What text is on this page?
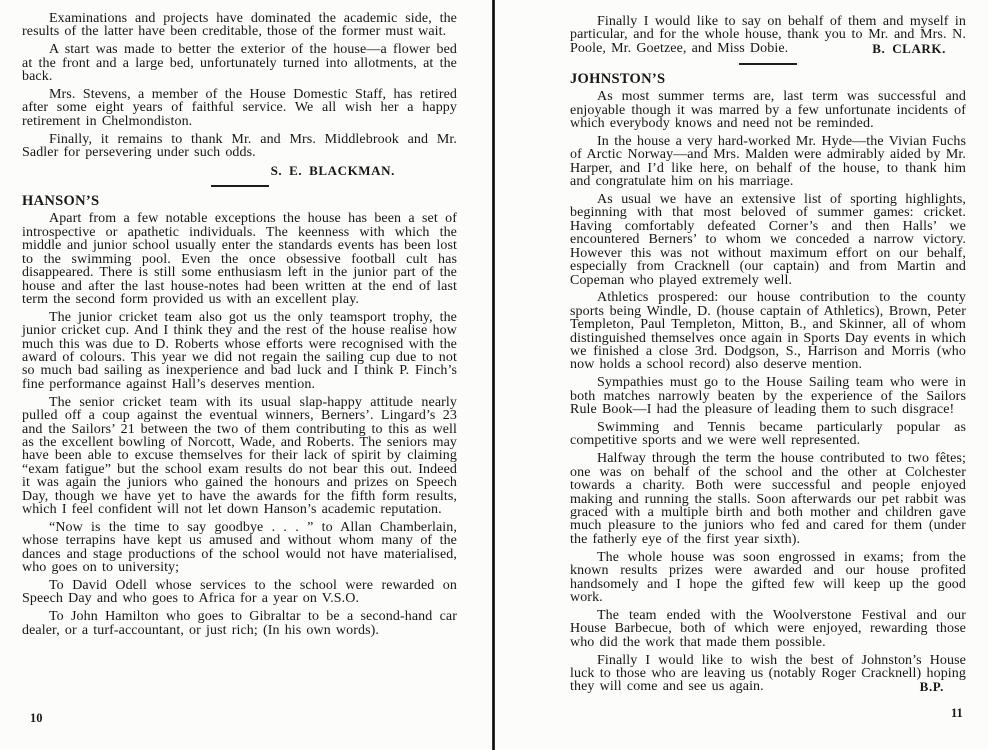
Examinations and projects have dominated the academic side, the results of the latter have been creditable, those of the former must wait.

A start was made to better the exterior of the house—a flower bed at the front and a large bed, unfortunately turned into allotments, at the back.

Mrs. Stevens, a member of the House Domestic Staff, has retired after some eight years of faithful service. We all wish her a happy retirement in Chelmondiston.

Finally, it remains to thank Mr. and Mrs. Middlebrook and Mr. Sadler for persevering under such odds.

S. E. BLACKMAN.

HANSON’S

Apart from a few notable exceptions the house has been a set of introspective or apathetic individuals. The keenness with which the middle and junior school usually enter the standards events has been lost to the swimming pool. Even the once obsessive football cult has disappeared. There is still some enthusiasm left in the junior part of the house and after the last house-notes had been written at the end of last term the second form provided us with an excellent play.

The junior cricket team also got us the only teamsport trophy, the junior cricket cup. And I think they and the rest of the house realise how much this was due to D. Roberts whose efforts were recognised with the award of colours. This year we did not regain the sailing cup due to not so much bad sailing as inexperience and bad luck and I think P. Finch’s fine performance against Hall’s deserves mention.

The senior cricket team with its usual slap-happy attitude nearly pulled off a coup against the eventual winners, Berners’. Lingard’s 23 and the Sailors’ 21 between the two of them contributing to this as well as the excellent bowling of Norcott, Wade, and Roberts. The seniors may have been able to excuse themselves for their lack of spirit by claiming “exam fatigue” but the school exam results do not bear this out. Indeed it was again the juniors who gained the honours and prizes on Speech Day, though we have yet to have the awards for the fifth form results, which I feel confident will not let down Hanson’s academic reputation.

“Now is the time to say goodbye . . . ” to Allan Chamberlain, whose terrapins have kept us amused and without whom many of the dances and stage productions of the school would not have materialised, who goes on to university;

To David Odell whose services to the school were rewarded on Speech Day and who goes to Africa for a year on V.S.O.

To John Hamilton who goes to Gibraltar to be a second-hand car dealer, or a turf-accountant, or just rich; (In his own words).

Finally I would like to say on behalf of them and myself in particular, and for the whole house, thank you to Mr. and Mrs. N. Poole, Mr. Goetzee, and Miss Dobie.	B. CLARK.

JOHNSTON’S

As most summer terms are, last term was successful and enjoyable though it was marred by a few unfortunate incidents of which everybody knows and need not be reminded.

In the house a very hard-worked Mr. Hyde—the Vivian Fuchs of Arctic Norway—and Mrs. Malden were admirably aided by Mr. Harper, and I’d like here, on behalf of the house, to thank him and congratulate him on his marriage.

As usual we have an extensive list of sporting highlights, beginning with that most beloved of summer games: cricket. Having comfortably defeated Corner’s and then Halls’ we encountered Berners’ to whom we conceded a narrow victory. However this was not without maximum effort on our behalf, especially from Cracknell (our captain) and from Martin and Copeman who played extremely well.

Athletics prospered: our house contribution to the county sports being Windle, D. (house captain of Athletics), Brown, Peter Templeton, Paul Templeton, Mitton, B., and Skinner, all of whom distinguished themselves once again in Sports Day events in which we finished a close 3rd. Dodgson, S., Harrison and Morris (who now holds a school record) also deserve mention.

Sympathies must go to the House Sailing team who were in both matches narrowly beaten by the experience of the Sailors Rule Book—I had the pleasure of leading them to such disgrace!

Swimming and Tennis became particularly popular as competitive sports and we were well represented.

Halfway through the term the house contributed to two fêtes; one was on behalf of the school and the other at Colchester towards a charity. Both were successful and people enjoyed making and running the stalls. Soon afterwards our pet rabbit was graced with a multiple birth and both mother and children gave much pleasure to the juniors who fed and cared for them (under the fatherly eye of the first year sixth).

The whole house was soon engrossed in exams; from the known results prizes were awarded and our house profited handsomely and I hope the gifted few will keep up the good work.

The team ended with the Woolverstone Festival and our House Barbecue, both of which were enjoyed, rewarding those who did the work that made them possible.

Finally I would like to wish the best of Johnston’s House luck to those who are leaving us (notably Roger Cracknell) hoping they will come and see us again.	B.P.

10	11
